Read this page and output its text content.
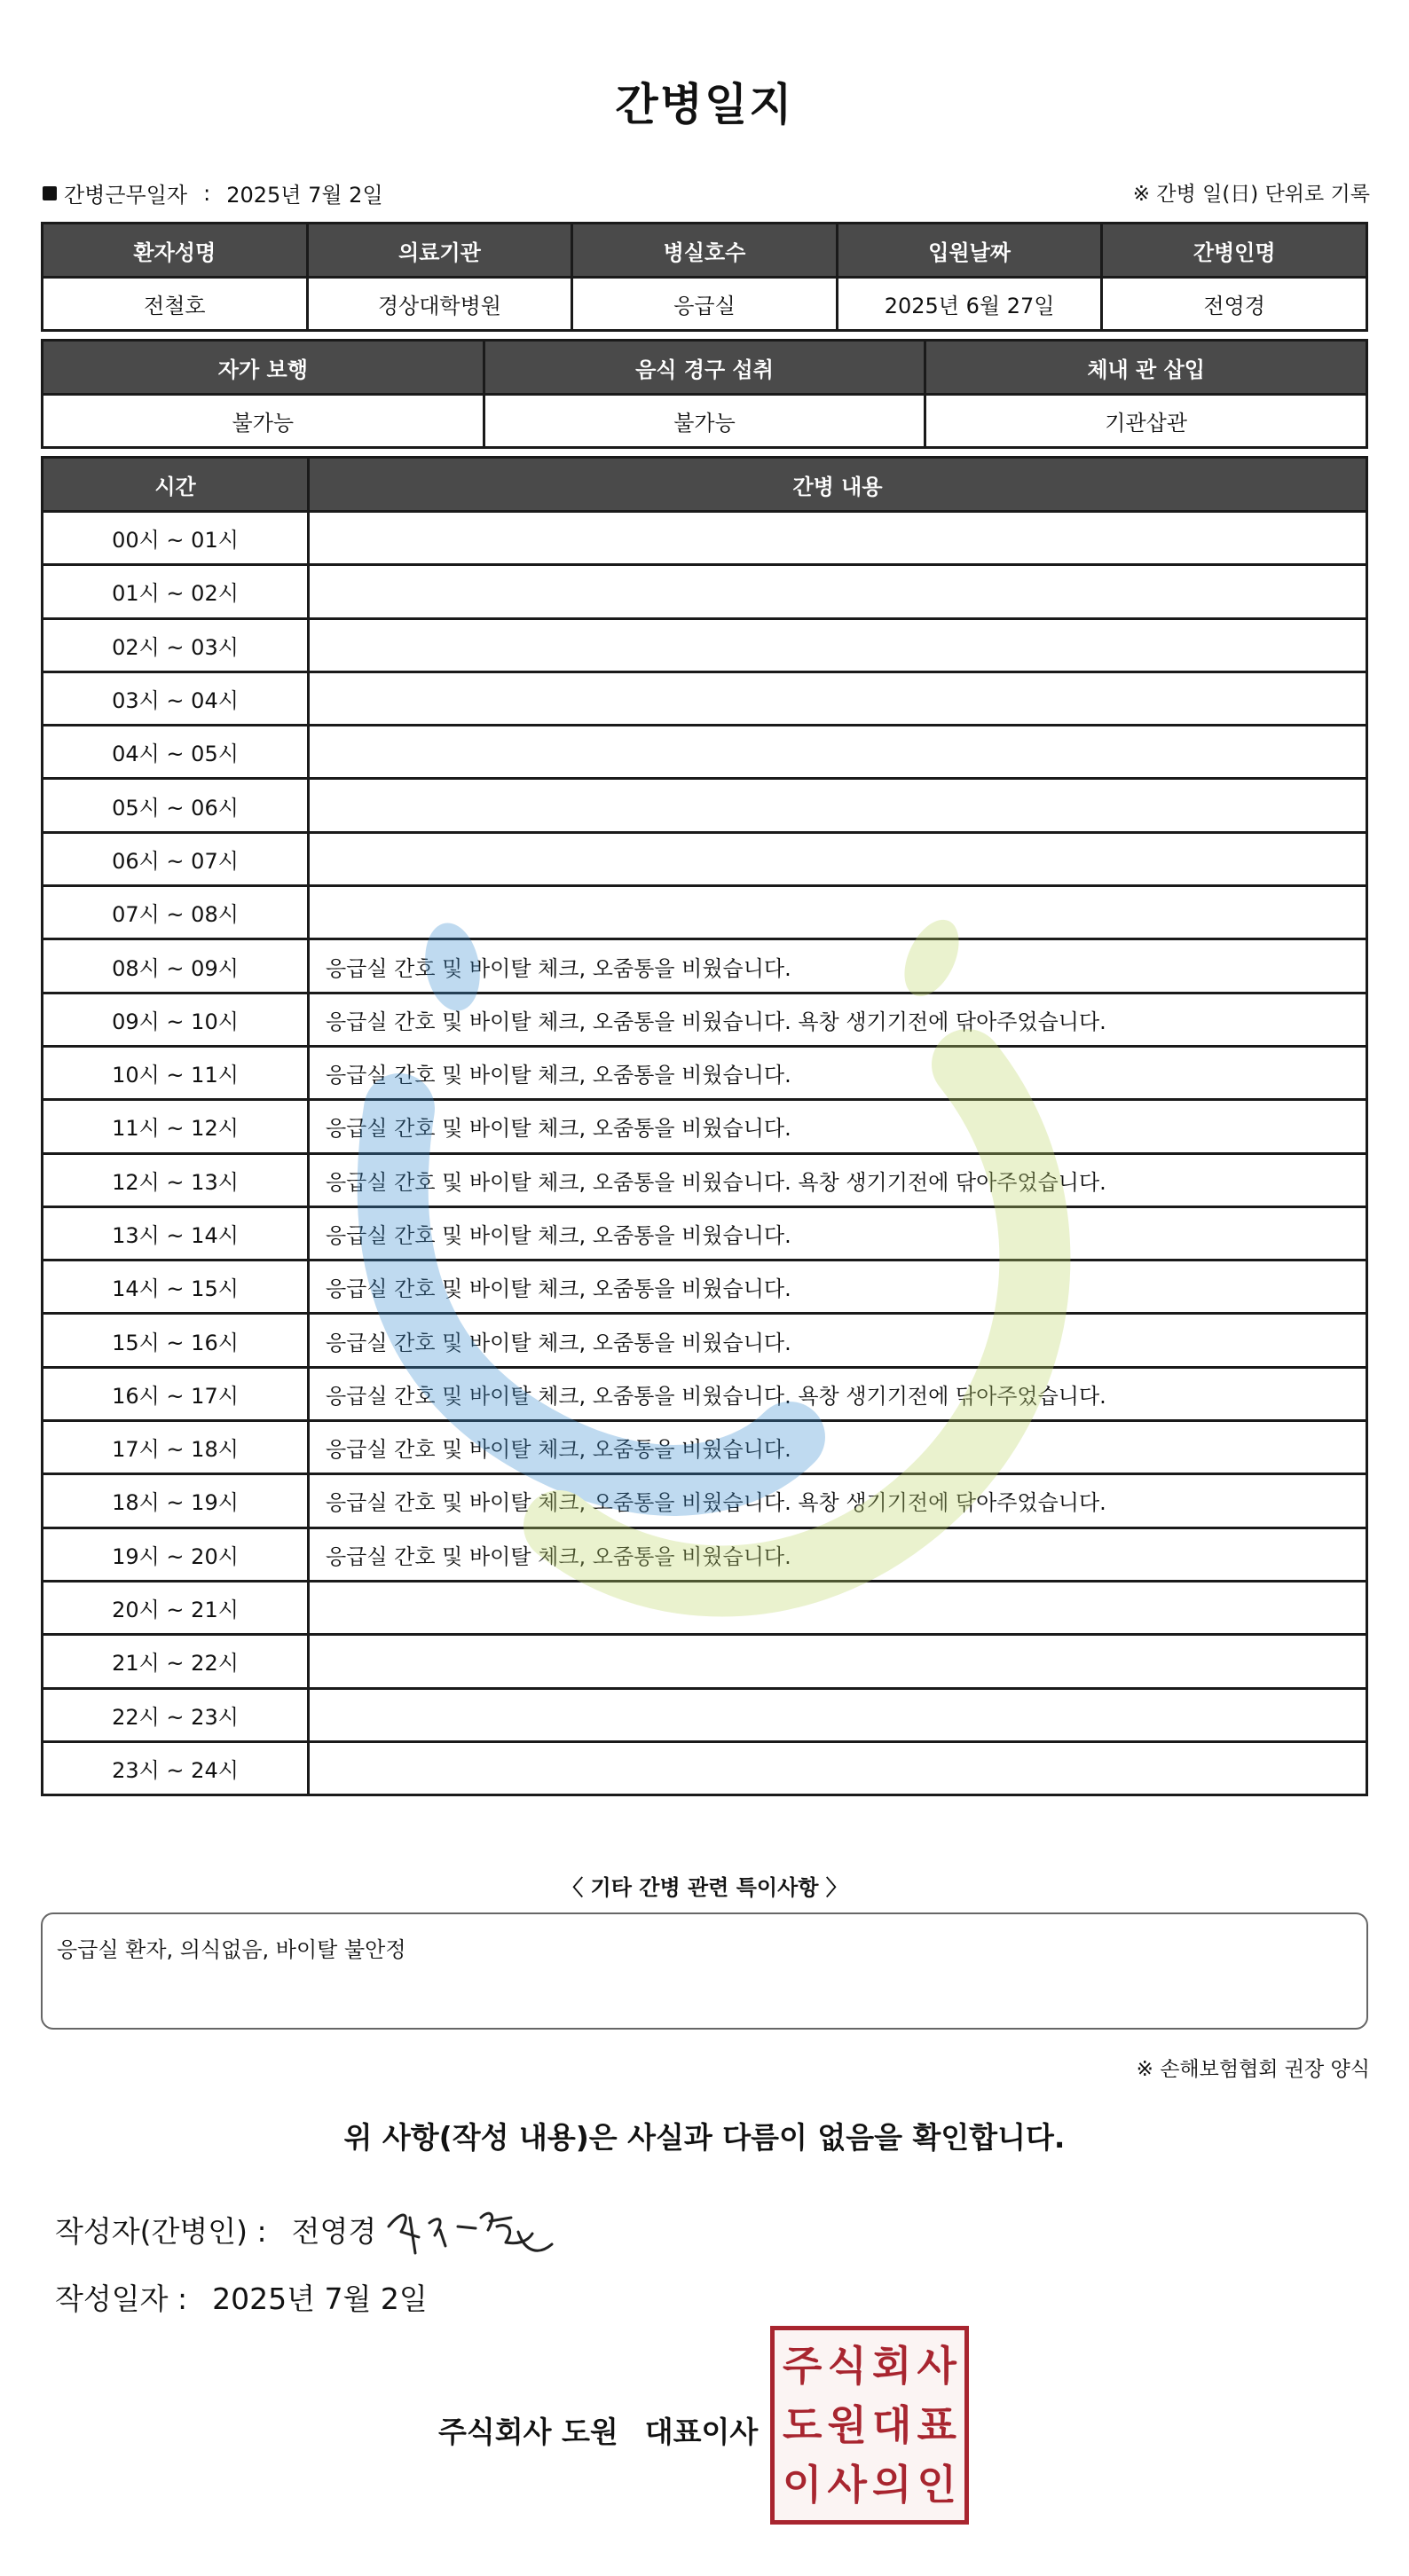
간병일지
간병근무일자 : 2025년 7월 2일	※ 간병 일(日) 단위로 기록
환자성명	의료기관	병실호수	입원날짜	간병인명
전철호	경상대학병원	응급실	2025년 6월 27일	전영경
자가 보행	음식 경구 섭취	체내 관 삽입
불가능	불가능	기관삽관
시간	간병 내용
00시 ~ 01시	
01시 ~ 02시	
02시 ~ 03시	
03시 ~ 04시	
04시 ~ 05시	
05시 ~ 06시	
06시 ~ 07시	
07시 ~ 08시	
08시 ~ 09시	응급실 간호 및 바이탈 체크, 오줌통을 비웠습니다.
09시 ~ 10시	응급실 간호 및 바이탈 체크, 오줌통을 비웠습니다. 욕창 생기기전에 닦아주었습니다.
10시 ~ 11시	응급실 간호 및 바이탈 체크, 오줌통을 비웠습니다.
11시 ~ 12시	응급실 간호 및 바이탈 체크, 오줌통을 비웠습니다.
12시 ~ 13시	응급실 간호 및 바이탈 체크, 오줌통을 비웠습니다. 욕창 생기기전에 닦아주었습니다.
13시 ~ 14시	응급실 간호 및 바이탈 체크, 오줌통을 비웠습니다.
14시 ~ 15시	응급실 간호 및 바이탈 체크, 오줌통을 비웠습니다.
15시 ~ 16시	응급실 간호 및 바이탈 체크, 오줌통을 비웠습니다.
16시 ~ 17시	응급실 간호 및 바이탈 체크, 오줌통을 비웠습니다. 욕창 생기기전에 닦아주었습니다.
17시 ~ 18시	응급실 간호 및 바이탈 체크, 오줌통을 비웠습니다.
18시 ~ 19시	응급실 간호 및 바이탈 체크, 오줌통을 비웠습니다. 욕창 생기기전에 닦아주었습니다.
19시 ~ 20시	응급실 간호 및 바이탈 체크, 오줌통을 비웠습니다.
20시 ~ 21시	
21시 ~ 22시	
22시 ~ 23시	
23시 ~ 24시	
〈 기타 간병 관련 특이사항 〉
응급실 환자, 의식없음, 바이탈 불안정
※ 손해보험협회 권장 양식
위 사항(작성 내용)은 사실과 다름이 없음을 확인합니다.
작성자(간병인) : 전영경
작성일자 : 2025년 7월 2일
주식회사 도원 대표이사
주 식 회 사
도 원 대 표
이 사 의 인
